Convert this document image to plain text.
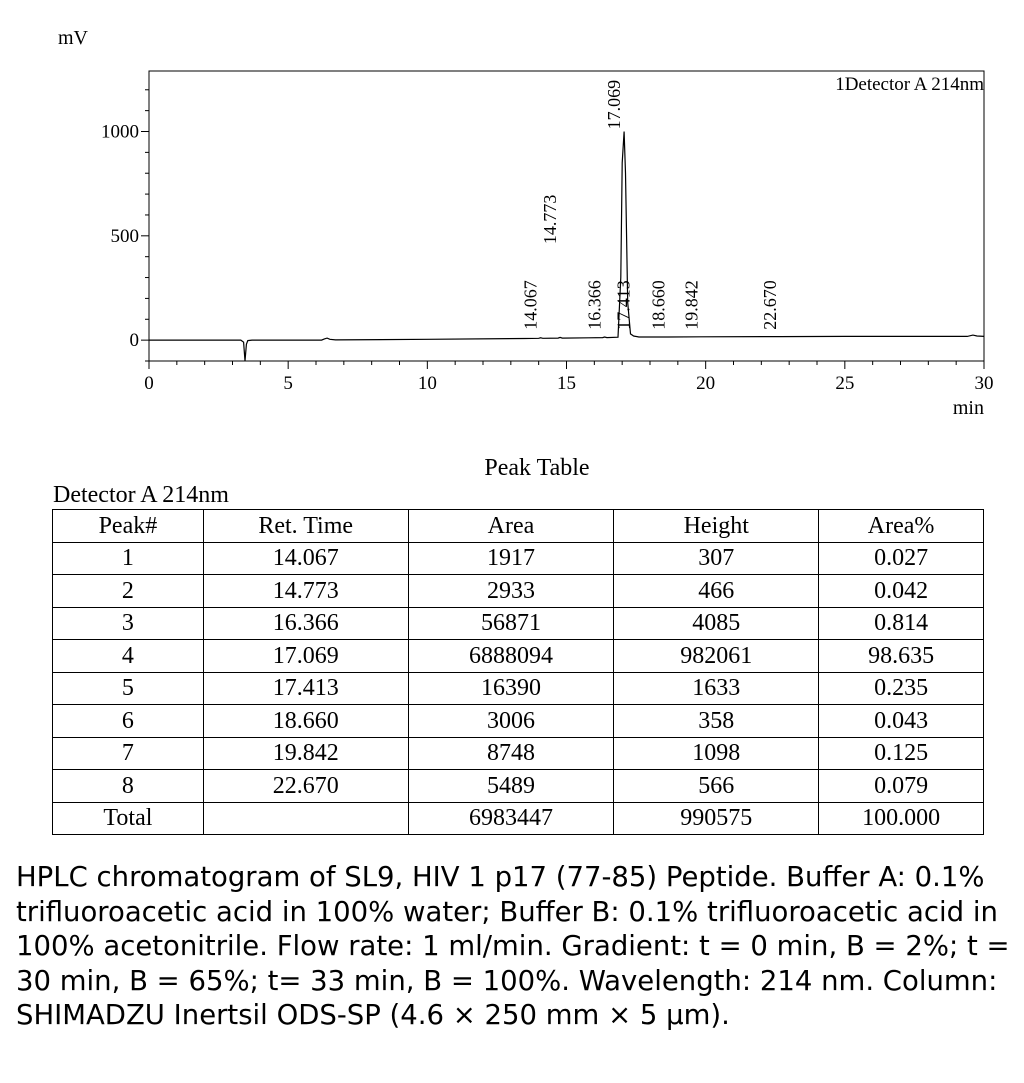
mV
min
1Detector A 214nm
0	5	10	15	20	25	30
0
500
1000
14.067
14.773
16.366
17.069
17.413 18.660 19.842	22.670
Peak Table
Detector A 214nm
Peak#	Ret. Time	Area	Height	Area%
1	14.067	1917	307	0.027
2	14.773	2933	466	0.042
3	16.366	56871	4085	0.814
4	17.069	6888094	982061	98.635
5	17.413	16390	1633	0.235
6	18.660	3006	358	0.043
7	19.842	8748	1098	0.125
8	22.670	5489	566	0.079
Total		6983447	990575	100.000
HPLC chromatogram of SL9, HIV 1 p17 (77-85) Peptide. Buffer A: 0.1% trifluoroacetic acid in 100% water; Buffer B: 0.1% trifluoroacetic acid in 100% acetonitrile. Flow rate: 1 ml/min. Gradient: t = 0 min, B = 2%; t = 30 min, B = 65%; t= 33 min, B = 100%. Wavelength: 214 nm. Column: SHIMADZU Inertsil ODS-SP (4.6 × 250 mm × 5 µm).
